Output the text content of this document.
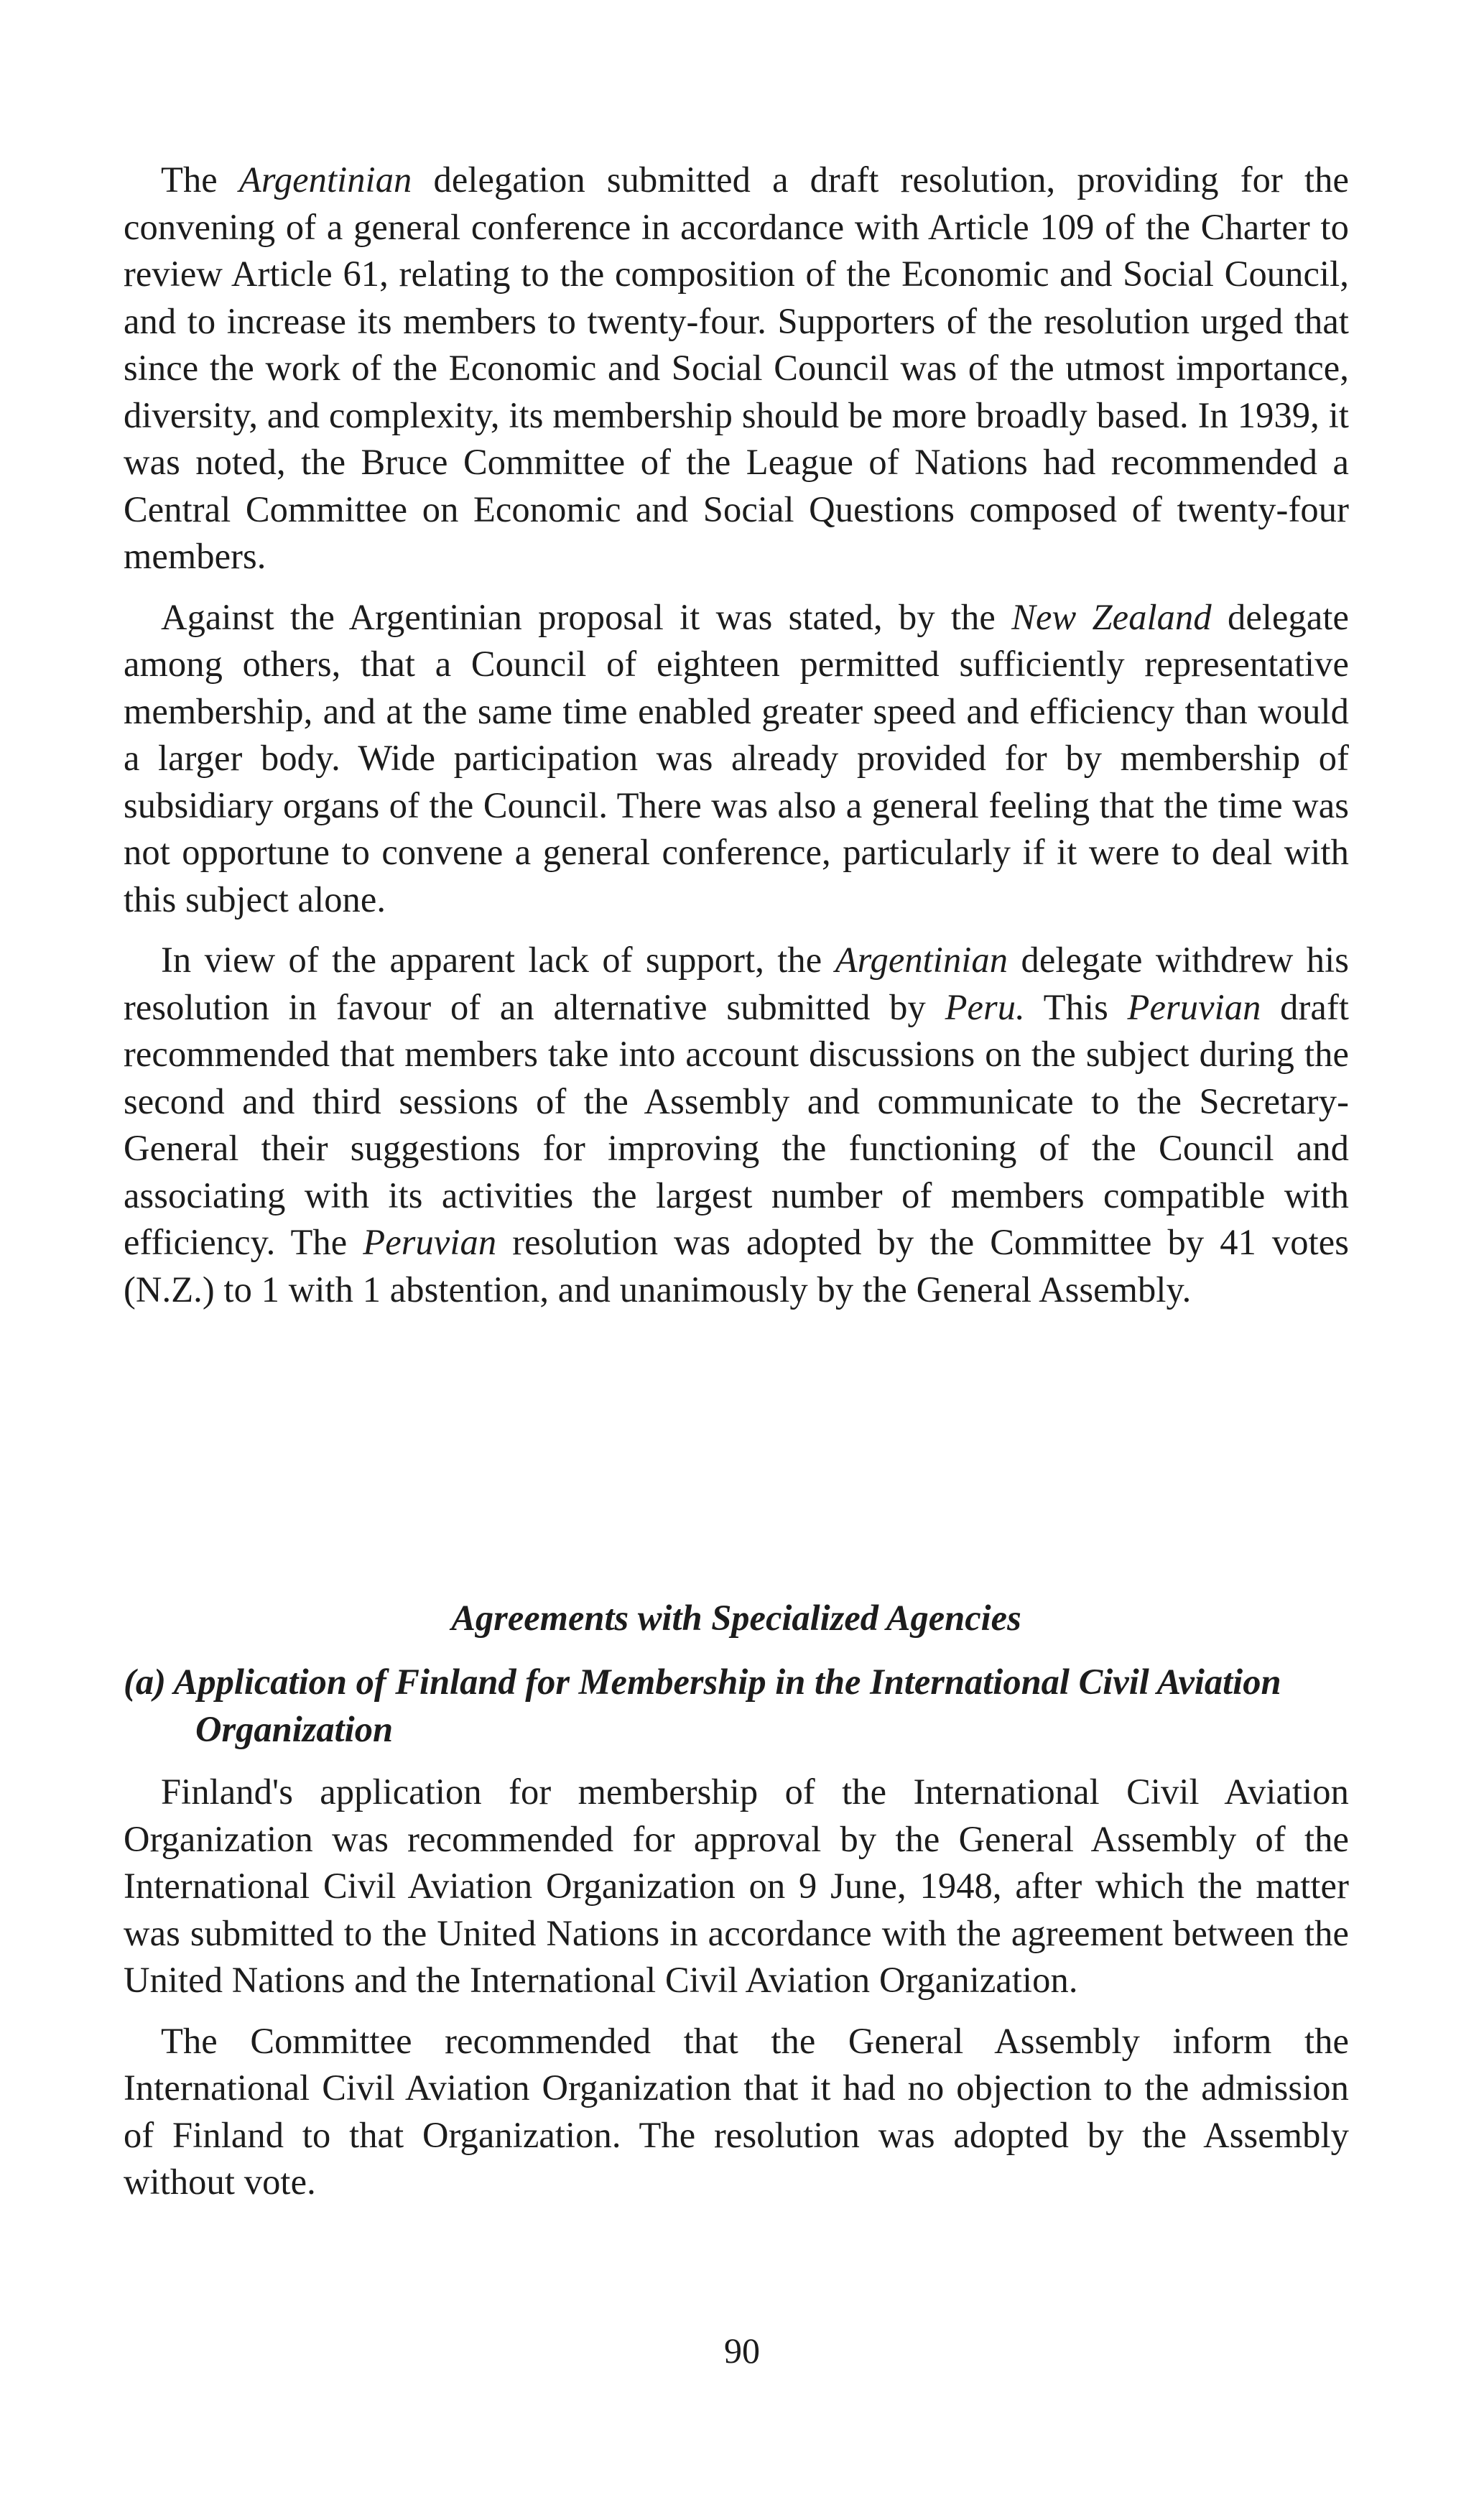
The Argentinian delegation submitted a draft resolution, providing for the convening of a general conference in accordance with Article 109 of the Charter to review Article 61, relating to the composition of the Economic and Social Council, and to increase its members to twenty-four. Supporters of the resolution urged that since the work of the Economic and Social Council was of the utmost importance, diversity, and complexity, its membership should be more broadly based. In 1939, it was noted, the Bruce Committee of the League of Nations had recommended a Central Committee on Economic and Social Questions composed of twenty-four members.

Against the Argentinian proposal it was stated, by the New Zealand delegate among others, that a Council of eighteen permitted sufficiently representative membership, and at the same time enabled greater speed and efficiency than would a larger body. Wide participation was already provided for by membership of subsidiary organs of the Council. There was also a general feeling that the time was not opportune to convene a general conference, particularly if it were to deal with this subject alone.

In view of the apparent lack of support, the Argentinian delegate withdrew his resolution in favour of an alternative submitted by Peru. This Peruvian draft recommended that members take into account discussions on the subject during the second and third sessions of the Assembly and communicate to the Secretary-General their suggestions for improving the functioning of the Council and associating with its activities the largest number of members compatible with efficiency. The Peruvian resolution was adopted by the Committee by 41 votes (N.Z.) to 1 with 1 abstention, and unanimously by the General Assembly.

Agreements with Specialized Agencies
(a) Application of Finland for Membership in the International Civil Aviation Organization

Finland's application for membership of the International Civil Aviation Organization was recommended for approval by the General Assembly of the International Civil Aviation Organization on 9 June, 1948, after which the matter was submitted to the United Nations in accordance with the agreement between the United Nations and the International Civil Aviation Organization.

The Committee recommended that the General Assembly inform the International Civil Aviation Organization that it had no objection to the admission of Finland to that Organization. The resolution was adopted by the Assembly without vote.

90
